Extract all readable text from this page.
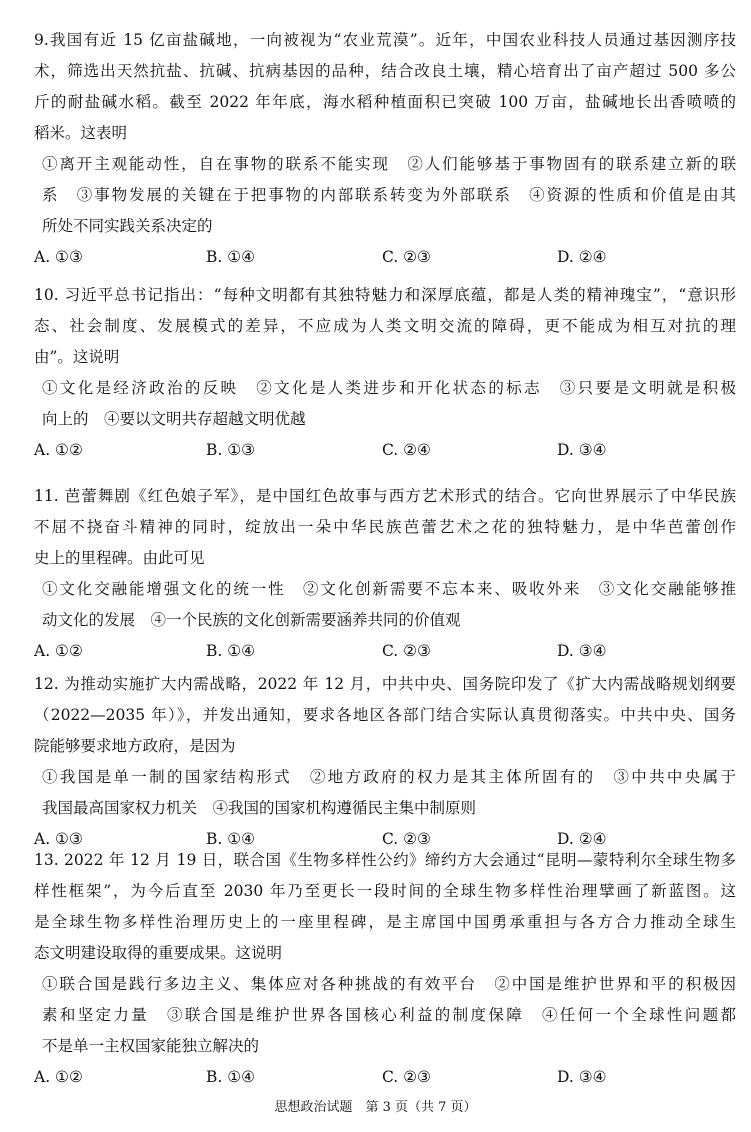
9.我国有近 15 亿亩盐碱地，一向被视为“农业荒漠”。近年，中国农业科技人员通过基因测序技
术，筛选出天然抗盐、抗碱、抗病基因的品种，结合改良土壤，精心培育出了亩产超过 500 多公
斤的耐盐碱水稻。截至 2022 年年底，海水稻种植面积已突破 100 万亩，盐碱地长出香喷喷的
稻米。这表明
①离开主观能动性，自在事物的联系不能实现　②人们能够基于事物固有的联系建立新的联
系　③事物发展的关键在于把事物的内部联系转变为外部联系　④资源的性质和价值是由其
所处不同实践关系决定的
A. ①③	B. ①④	C. ②③	D. ②④
10. 习近平总书记指出：“每种文明都有其独特魅力和深厚底蕴，都是人类的精神瑰宝”，“意识形
态、社会制度、发展模式的差异，不应成为人类文明交流的障碍，更不能成为相互对抗的理
由”。这说明
①文化是经济政治的反映　②文化是人类进步和开化状态的标志　③只要是文明就是积极
向上的　④要以文明共存超越文明优越
A. ①②	B. ①③	C. ②④	D. ③④
11. 芭蕾舞剧《红色娘子军》，是中国红色故事与西方艺术形式的结合。它向世界展示了中华民族
不屈不挠奋斗精神的同时，绽放出一朵中华民族芭蕾艺术之花的独特魅力，是中华芭蕾创作
史上的里程碑。由此可见
①文化交融能增强文化的统一性　②文化创新需要不忘本来、吸收外来　③文化交融能够推
动文化的发展　④一个民族的文化创新需要涵养共同的价值观
A. ①②	B. ①④	C. ②③	D. ③④
12. 为推动实施扩大内需战略，2022 年 12 月，中共中央、国务院印发了《扩大内需战略规划纲要
（2022—2035 年）》，并发出通知，要求各地区各部门结合实际认真贯彻落实。中共中央、国务
院能够要求地方政府，是因为
①我国是单一制的国家结构形式　②地方政府的权力是其主体所固有的　③中共中央属于
我国最高国家权力机关　④我国的国家机构遵循民主集中制原则
A. ①③	B. ①④	C. ②③	D. ②④
13. 2022 年 12 月 19 日，联合国《生物多样性公约》缔约方大会通过“昆明—蒙特利尔全球生物多
样性框架”，为今后直至 2030 年乃至更长一段时间的全球生物多样性治理擘画了新蓝图。这
是全球生物多样性治理历史上的一座里程碑，是主席国中国勇承重担与各方合力推动全球生
态文明建设取得的重要成果。这说明
①联合国是践行多边主义、集体应对各种挑战的有效平台　②中国是维护世界和平的积极因
素和坚定力量　③联合国是维护世界各国核心利益的制度保障　④任何一个全球性问题都
不是单一主权国家能独立解决的
A. ①②	B. ①④	C. ②③	D. ③④
思想政治试题　第 3 页（共 7 页）
